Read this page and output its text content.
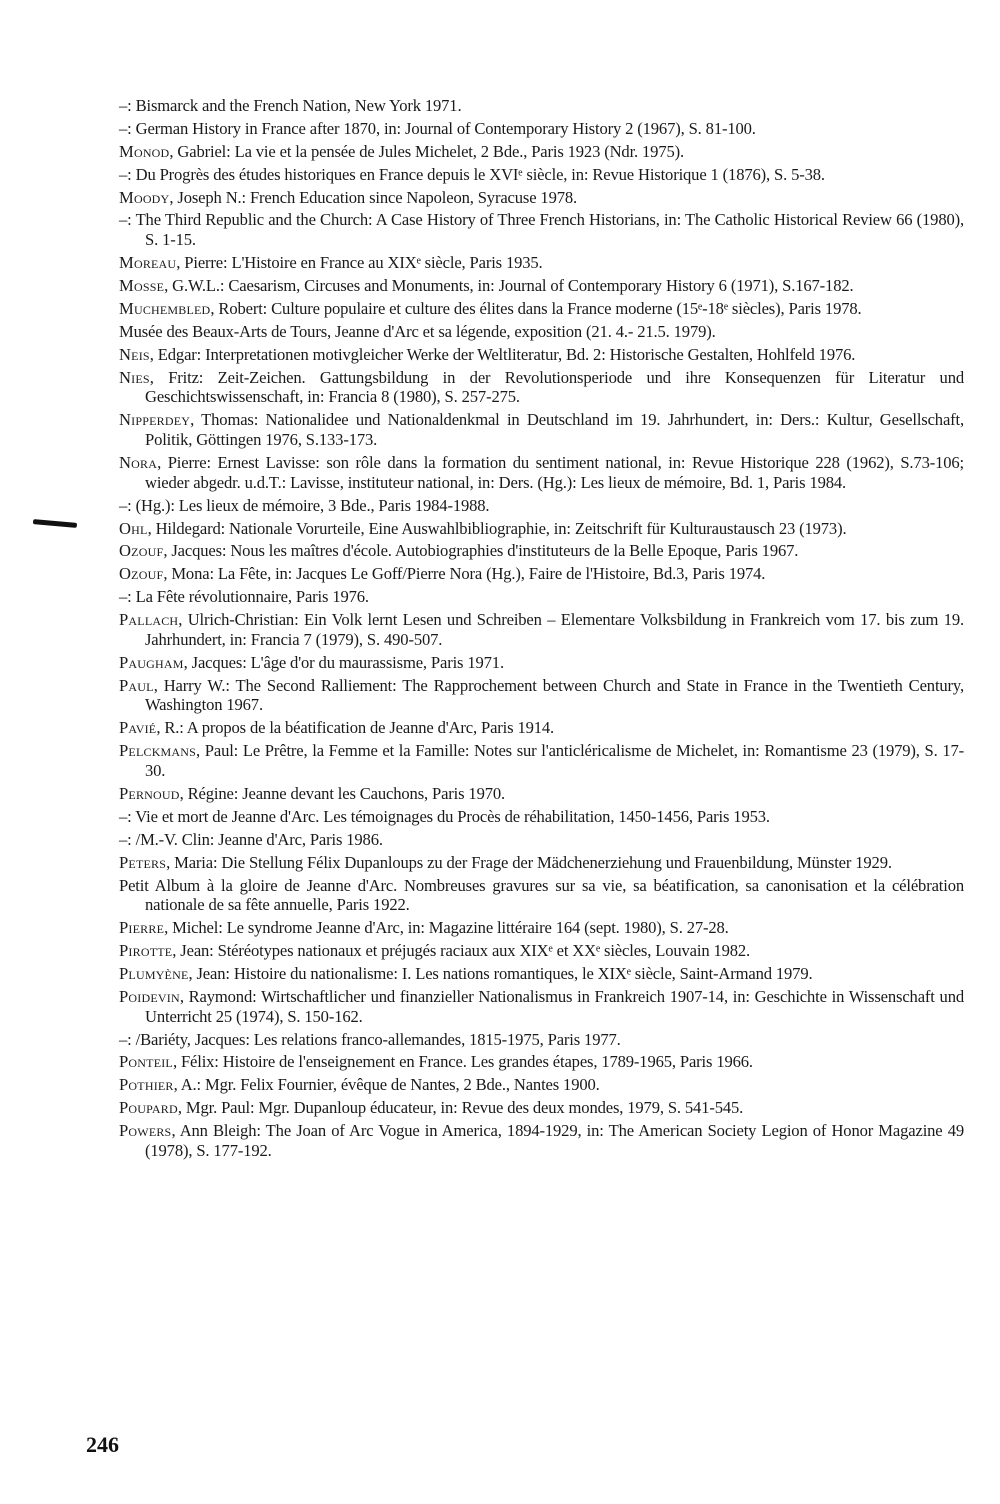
–: Bismarck and the French Nation, New York 1971.

–: German History in France after 1870, in: Journal of Contemporary History 2 (1967), S. 81-100.

Monod, Gabriel: La vie et la pensée de Jules Michelet, 2 Bde., Paris 1923 (Ndr. 1975).

–: Du Progrès des études historiques en France depuis le XVIᵉ siècle, in: Revue Historique 1 (1876), S. 5-38.

Moody, Joseph N.: French Education since Napoleon, Syracuse 1978.

–: The Third Republic and the Church: A Case History of Three French Historians, in: The Catholic Historical Review 66 (1980), S. 1-15.

Moreau, Pierre: L'Histoire en France au XIXᵉ siècle, Paris 1935.

Mosse, G.W.L.: Caesarism, Circuses and Monuments, in: Journal of Contemporary History 6 (1971), S.167-182.

Muchembled, Robert: Culture populaire et culture des élites dans la France moderne (15ᵉ-18ᵉ siècles), Paris 1978.

Musée des Beaux-Arts de Tours, Jeanne d'Arc et sa légende, exposition (21. 4.- 21.5. 1979).

Neis, Edgar: Interpretationen motivgleicher Werke der Weltliteratur, Bd. 2: Historische Gestalten, Hohlfeld 1976.

Nies, Fritz: Zeit-Zeichen. Gattungsbildung in der Revolutionsperiode und ihre Konsequenzen für Literatur und Geschichtswissenschaft, in: Francia 8 (1980), S. 257-275.

Nipperdey, Thomas: Nationalidee und Nationaldenkmal in Deutschland im 19. Jahrhundert, in: Ders.: Kultur, Gesellschaft, Politik, Göttingen 1976, S.133-173.

Nora, Pierre: Ernest Lavisse: son rôle dans la formation du sentiment national, in: Revue Historique 228 (1962), S.73-106; wieder abgedr. u.d.T.: Lavisse, instituteur national, in: Ders. (Hg.): Les lieux de mémoire, Bd. 1, Paris 1984.

–: (Hg.): Les lieux de mémoire, 3 Bde., Paris 1984-1988.

Ohl, Hildegard: Nationale Vorurteile, Eine Auswahlbibliographie, in: Zeitschrift für Kulturaustausch 23 (1973).

Ozouf, Jacques: Nous les maîtres d'école. Autobiographies d'instituteurs de la Belle Epoque, Paris 1967.

Ozouf, Mona: La Fête, in: Jacques Le Goff/Pierre Nora (Hg.), Faire de l'Histoire, Bd.3, Paris 1974.

–: La Fête révolutionnaire, Paris 1976.

Pallach, Ulrich-Christian: Ein Volk lernt Lesen und Schreiben – Elementare Volksbildung in Frankreich vom 17. bis zum 19. Jahrhundert, in: Francia 7 (1979), S. 490-507.

Paugham, Jacques: L'âge d'or du maurassisme, Paris 1971.

Paul, Harry W.: The Second Ralliement: The Rapprochement between Church and State in France in the Twentieth Century, Washington 1967.

Pavié, R.: A propos de la béatification de Jeanne d'Arc, Paris 1914.

Pelckmans, Paul: Le Prêtre, la Femme et la Famille: Notes sur l'anticléricalisme de Michelet, in: Romantisme 23 (1979), S. 17-30.

Pernoud, Régine: Jeanne devant les Cauchons, Paris 1970.

–: Vie et mort de Jeanne d'Arc. Les témoignages du Procès de réhabilitation, 1450-1456, Paris 1953.

–: /M.-V. Clin: Jeanne d'Arc, Paris 1986.

Peters, Maria: Die Stellung Félix Dupanloups zu der Frage der Mädchenerziehung und Frauenbildung, Münster 1929.

Petit Album à la gloire de Jeanne d'Arc. Nombreuses gravures sur sa vie, sa béatification, sa canonisation et la célébration nationale de sa fête annuelle, Paris 1922.

Pierre, Michel: Le syndrome Jeanne d'Arc, in: Magazine littéraire 164 (sept. 1980), S. 27-28.

Pirotte, Jean: Stéréotypes nationaux et préjugés raciaux aux XIXᵉ et XXᵉ siècles, Louvain 1982.

Plumyène, Jean: Histoire du nationalisme: I. Les nations romantiques, le XIXᵉ siècle, Saint-Armand 1979.

Poidevin, Raymond: Wirtschaftlicher und finanzieller Nationalismus in Frankreich 1907-14, in: Geschichte in Wissenschaft und Unterricht 25 (1974), S. 150-162.

–: /Bariéty, Jacques: Les relations franco-allemandes, 1815-1975, Paris 1977.

Ponteil, Félix: Histoire de l'enseignement en France. Les grandes étapes, 1789-1965, Paris 1966.

Pothier, A.: Mgr. Felix Fournier, évêque de Nantes, 2 Bde., Nantes 1900.

Poupard, Mgr. Paul: Mgr. Dupanloup éducateur, in: Revue des deux mondes, 1979, S. 541-545.

Powers, Ann Bleigh: The Joan of Arc Vogue in America, 1894-1929, in: The American Society Legion of Honor Magazine 49 (1978), S. 177-192.

246
